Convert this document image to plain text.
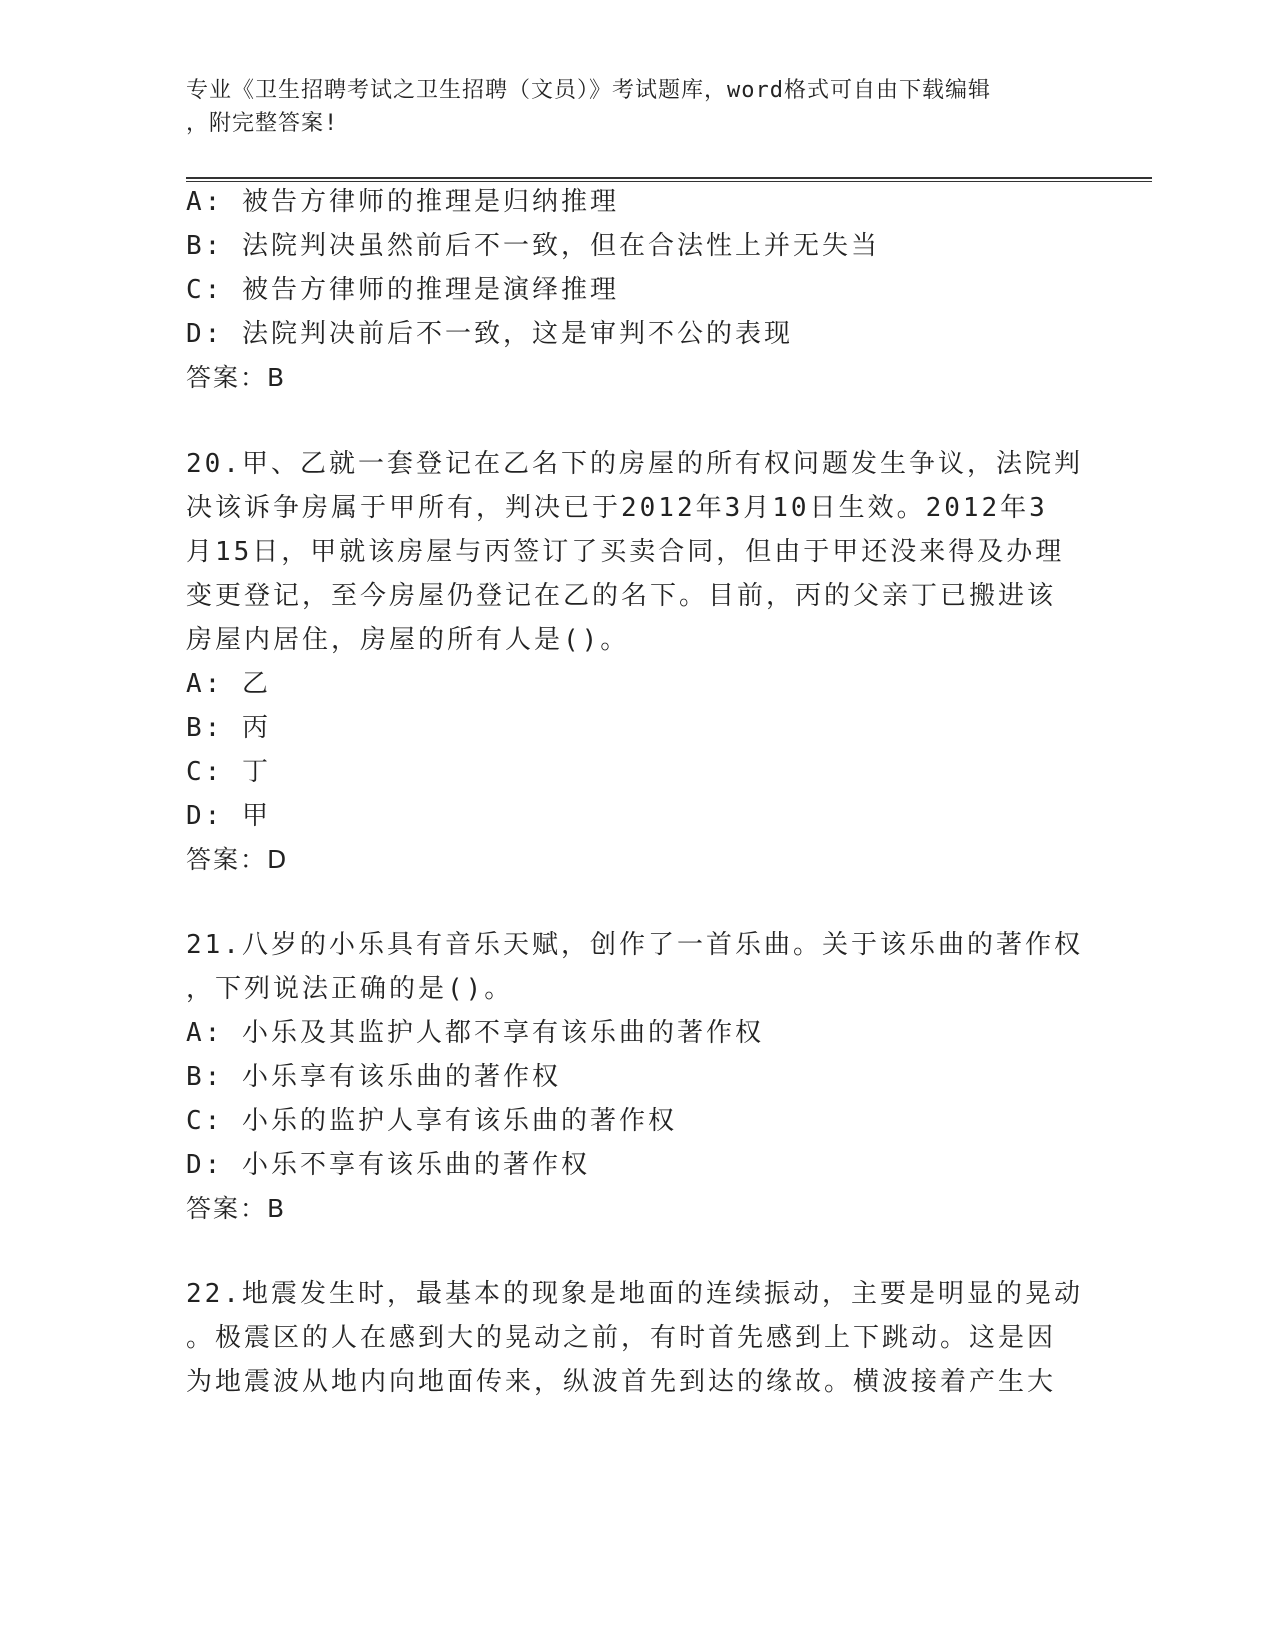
专业《卫生招聘考试之卫生招聘（文员）》考试题库，word格式可自由下载编辑
，附完整答案!
A: 被告方律师的推理是归纳推理
B: 法院判决虽然前后不一致，但在合法性上并无失当
C: 被告方律师的推理是演绎推理
D: 法院判决前后不一致，这是审判不公的表现
答案：B
20.甲、乙就一套登记在乙名下的房屋的所有权问题发生争议，法院判
决该诉争房属于甲所有，判决已于2012年3月10日生效。2012年3
月15日，甲就该房屋与丙签订了买卖合同，但由于甲还没来得及办理
变更登记，至今房屋仍登记在乙的名下。目前，丙的父亲丁已搬进该
房屋内居住，房屋的所有人是()。
A: 乙
B: 丙
C: 丁
D: 甲
答案：D
21.八岁的小乐具有音乐天赋，创作了一首乐曲。关于该乐曲的著作权
，下列说法正确的是()。
A: 小乐及其监护人都不享有该乐曲的著作权
B: 小乐享有该乐曲的著作权
C: 小乐的监护人享有该乐曲的著作权
D: 小乐不享有该乐曲的著作权
答案：B
22.地震发生时，最基本的现象是地面的连续振动，主要是明显的晃动
。极震区的人在感到大的晃动之前，有时首先感到上下跳动。这是因
为地震波从地内向地面传来，纵波首先到达的缘故。横波接着产生大
